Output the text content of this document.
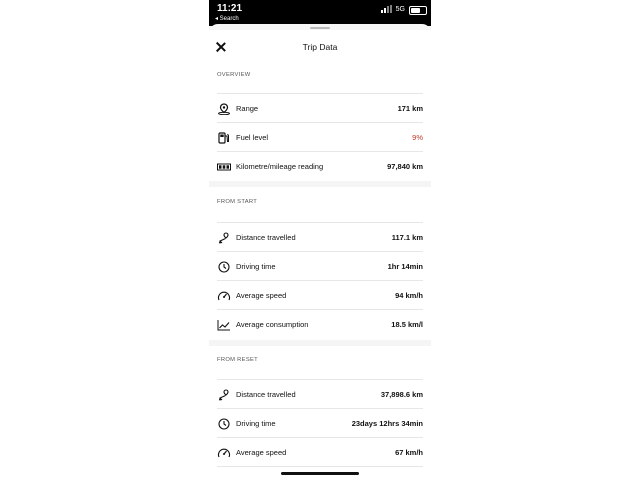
11:21
◂ Search
5G
Trip Data
OVERVIEW
Range	171 km
Fuel level	9%
Kilometre/mileage reading	97,840 km
FROM START
Distance travelled	117.1 km
Driving time	1hr 14min
Average speed	94 km/h
Average consumption	18.5 km/l
FROM RESET
Distance travelled	37,898.6 km
Driving time	23days 12hrs 34min
Average speed	67 km/h
